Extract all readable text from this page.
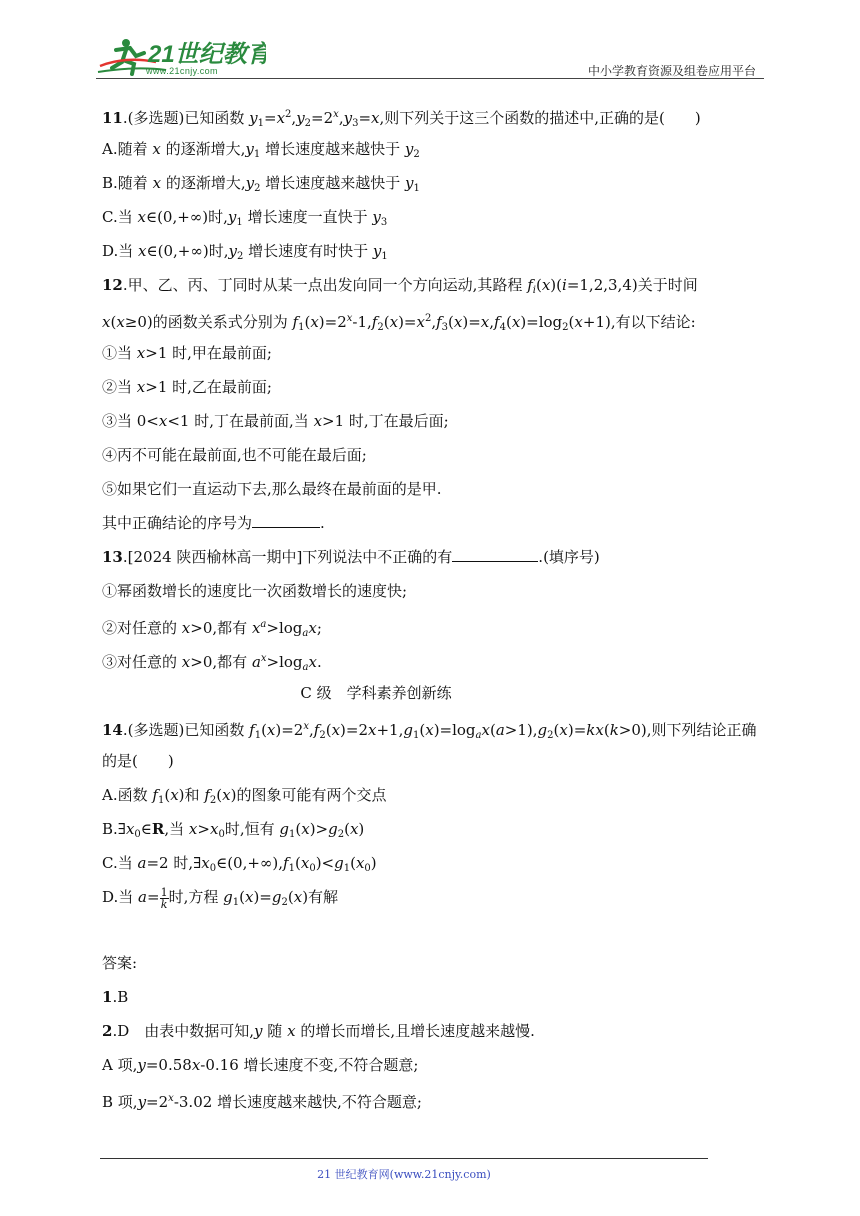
21世纪教育
www.21cnjy.com	中小学教育资源及组卷应用平台
11.(多选题)已知函数 $y_1=x^2,y_2=2^x,y_3=x$,则下列关于这三个函数的描述中,正确的是(　　)
A.随着 x 的逐渐增大$,y_1$ 增长速度越来越快于 $y_2$
B.随着 x 的逐渐增大$,y_2$ 增长速度越来越快于 $y_1$
C.当 x∈(0,+∞)时$,y_1$ 增长速度一直快于 $y_3$
D.当 x∈(0,+∞)时$,y_2$ 增长速度有时快于 $y_1$
12.甲、乙、丙、丁同时从某一点出发向同一个方向运动,其路程 $f_i(x)(i=1,2,3,4)$关于时间
x(x≥0)的函数关系式分别为 $f_1(x)=2^x-1,f_2(x)=x^2,f_3(x)=x,f_4(x)=\log_2(x+1)$,有以下结论:
①当 x>1 时,甲在最前面;
②当 x>1 时,乙在最前面;
③当 0<x<1 时,丁在最前面,当 x>1 时,丁在最后面;
④丙不可能在最前面,也不可能在最后面;
⑤如果它们一直运动下去,那么最终在最前面的是甲.
其中正确结论的序号为	.
13.[2024 陕西榆林高一期中]下列说法中不正确的有	.(填序号)
①幂函数增长的速度比一次函数增长的速度快;
②对任意的 x>0,都有 $x^a>\log_ax$;
③对任意的 x>0,都有 $a^x>\log_ax$.
C 级　学科素养创新练
14.(多选题)已知函数 $f_1(x)=2^x,f_2(x)=2x+1,g_1(x)=\log_ax(a>1),g_2(x)=kx(k>0)$,则下列结论正确
的是(　　)
A.函数 $f_1(x)$和 $f_2(x)$的图象可能有两个交点
$B.\exists x_0\in R$,当 $x>x_0$时,恒有 $g_1(x)>g_2(x)$
C.当 a=2 时$,\exists x_0\in(0,+\infty),f_1(x_0)<g_1(x_0)$
D.当 $a= \frac{1}{k}$ 时,方程 $g_1(x)=g_2(x)$有解
答案:
1.B
2.D　由表中数据可知,y 随 x 的增长而增长,且增长速度越来越慢.
A 项,y=0.58x-0.16 增长速度不变,不符合题意;
B 项$,y=2^x-3.02$ 增长速度越来越快,不符合题意;
21 世纪教育网(www.21cnjy.com)
